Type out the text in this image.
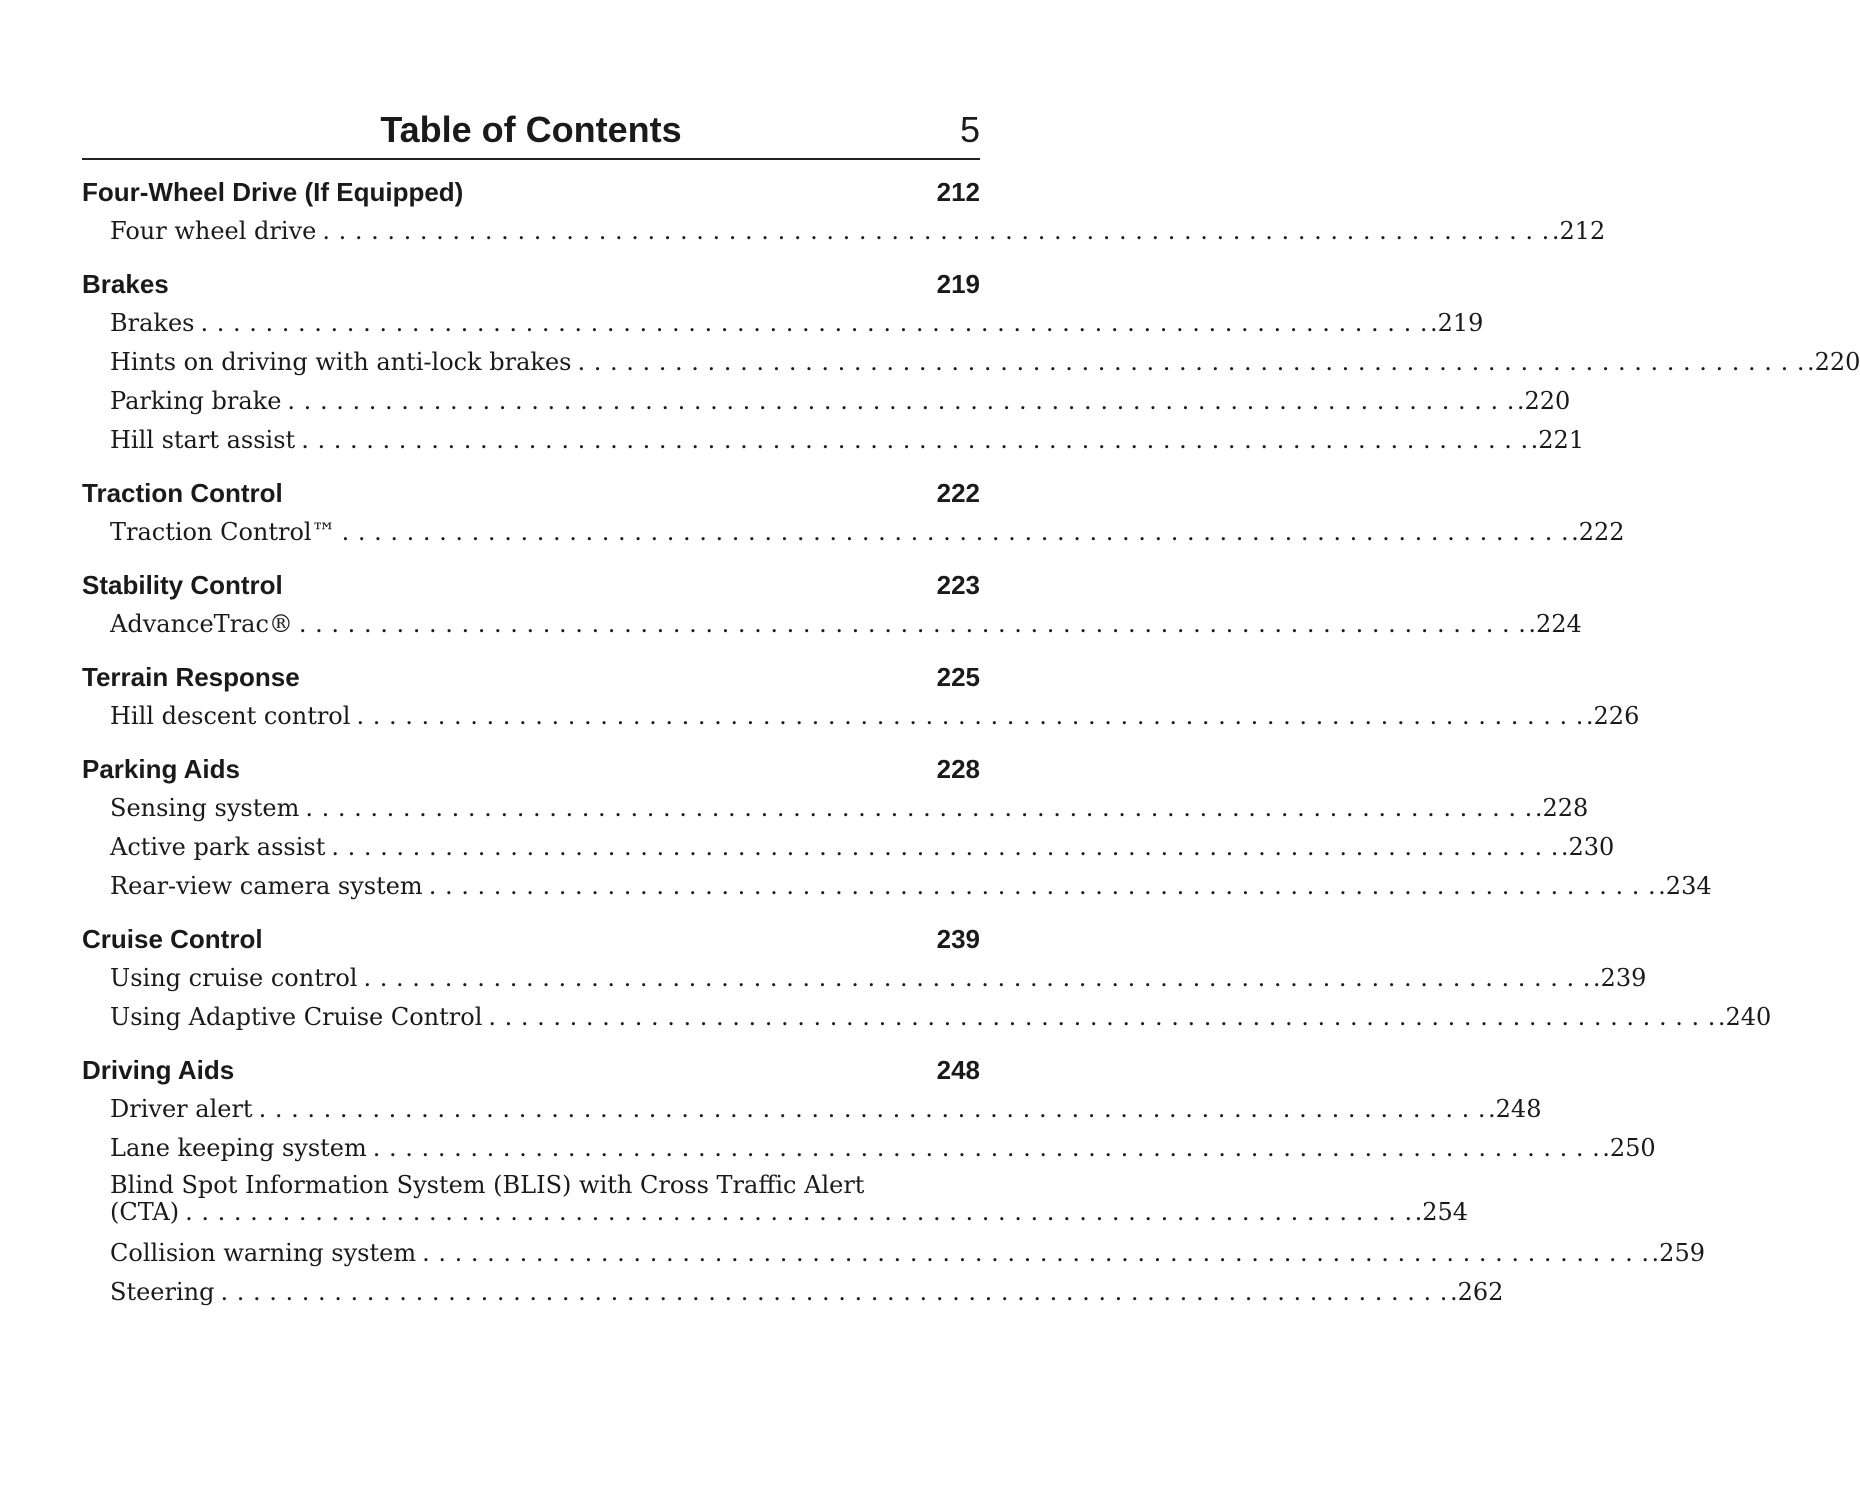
Table of Contents	5
Four-Wheel Drive (If Equipped)	212
Four wheel drive . . . . . . . . . . . . . . . . . . . . . . . . . . . . . . . . . . . . . . . . . . . . . . . . . . . . . . . . . . . . . . . . . . . . . . . . . . . . .212
Brakes	219
Brakes . . . . . . . . . . . . . . . . . . . . . . . . . . . . . . . . . . . . . . . . . . . . . . . . . . . . . . . . . . . . . . . . . . . . . . . . . . . . .219
Hints on driving with anti-lock brakes . . . . . . . . . . . . . . . . . . . . . . . . . . . . . . . . . . . . . . . . . . . . . . . . . . . . . . . . . . . . . . . . . . . . . . . . . . . . .220
Parking brake . . . . . . . . . . . . . . . . . . . . . . . . . . . . . . . . . . . . . . . . . . . . . . . . . . . . . . . . . . . . . . . . . . . . . . . . . . . . .220
Hill start assist . . . . . . . . . . . . . . . . . . . . . . . . . . . . . . . . . . . . . . . . . . . . . . . . . . . . . . . . . . . . . . . . . . . . . . . . . . . . .221
Traction Control	222
Traction Control™ . . . . . . . . . . . . . . . . . . . . . . . . . . . . . . . . . . . . . . . . . . . . . . . . . . . . . . . . . . . . . . . . . . . . . . . . . . . . .222
Stability Control	223
AdvanceTrac® . . . . . . . . . . . . . . . . . . . . . . . . . . . . . . . . . . . . . . . . . . . . . . . . . . . . . . . . . . . . . . . . . . . . . . . . . . . . .224
Terrain Response	225
Hill descent control . . . . . . . . . . . . . . . . . . . . . . . . . . . . . . . . . . . . . . . . . . . . . . . . . . . . . . . . . . . . . . . . . . . . . . . . . . . . .226
Parking Aids	228
Sensing system . . . . . . . . . . . . . . . . . . . . . . . . . . . . . . . . . . . . . . . . . . . . . . . . . . . . . . . . . . . . . . . . . . . . . . . . . . . . .228
Active park assist . . . . . . . . . . . . . . . . . . . . . . . . . . . . . . . . . . . . . . . . . . . . . . . . . . . . . . . . . . . . . . . . . . . . . . . . . . . . .230
Rear-view camera system . . . . . . . . . . . . . . . . . . . . . . . . . . . . . . . . . . . . . . . . . . . . . . . . . . . . . . . . . . . . . . . . . . . . . . . . . . . . .234
Cruise Control	239
Using cruise control . . . . . . . . . . . . . . . . . . . . . . . . . . . . . . . . . . . . . . . . . . . . . . . . . . . . . . . . . . . . . . . . . . . . . . . . . . . . .239
Using Adaptive Cruise Control . . . . . . . . . . . . . . . . . . . . . . . . . . . . . . . . . . . . . . . . . . . . . . . . . . . . . . . . . . . . . . . . . . . . . . . . . . . . .240
Driving Aids	248
Driver alert . . . . . . . . . . . . . . . . . . . . . . . . . . . . . . . . . . . . . . . . . . . . . . . . . . . . . . . . . . . . . . . . . . . . . . . . . . . . .248
Lane keeping system . . . . . . . . . . . . . . . . . . . . . . . . . . . . . . . . . . . . . . . . . . . . . . . . . . . . . . . . . . . . . . . . . . . . . . . . . . . . .250
Blind Spot Information System (BLIS) with Cross Traffic Alert
(CTA) . . . . . . . . . . . . . . . . . . . . . . . . . . . . . . . . . . . . . . . . . . . . . . . . . . . . . . . . . . . . . . . . . . . . . . . . . . . . .254
Collision warning system . . . . . . . . . . . . . . . . . . . . . . . . . . . . . . . . . . . . . . . . . . . . . . . . . . . . . . . . . . . . . . . . . . . . . . . . . . . . .259
Steering . . . . . . . . . . . . . . . . . . . . . . . . . . . . . . . . . . . . . . . . . . . . . . . . . . . . . . . . . . . . . . . . . . . . . . . . . . . . .262
